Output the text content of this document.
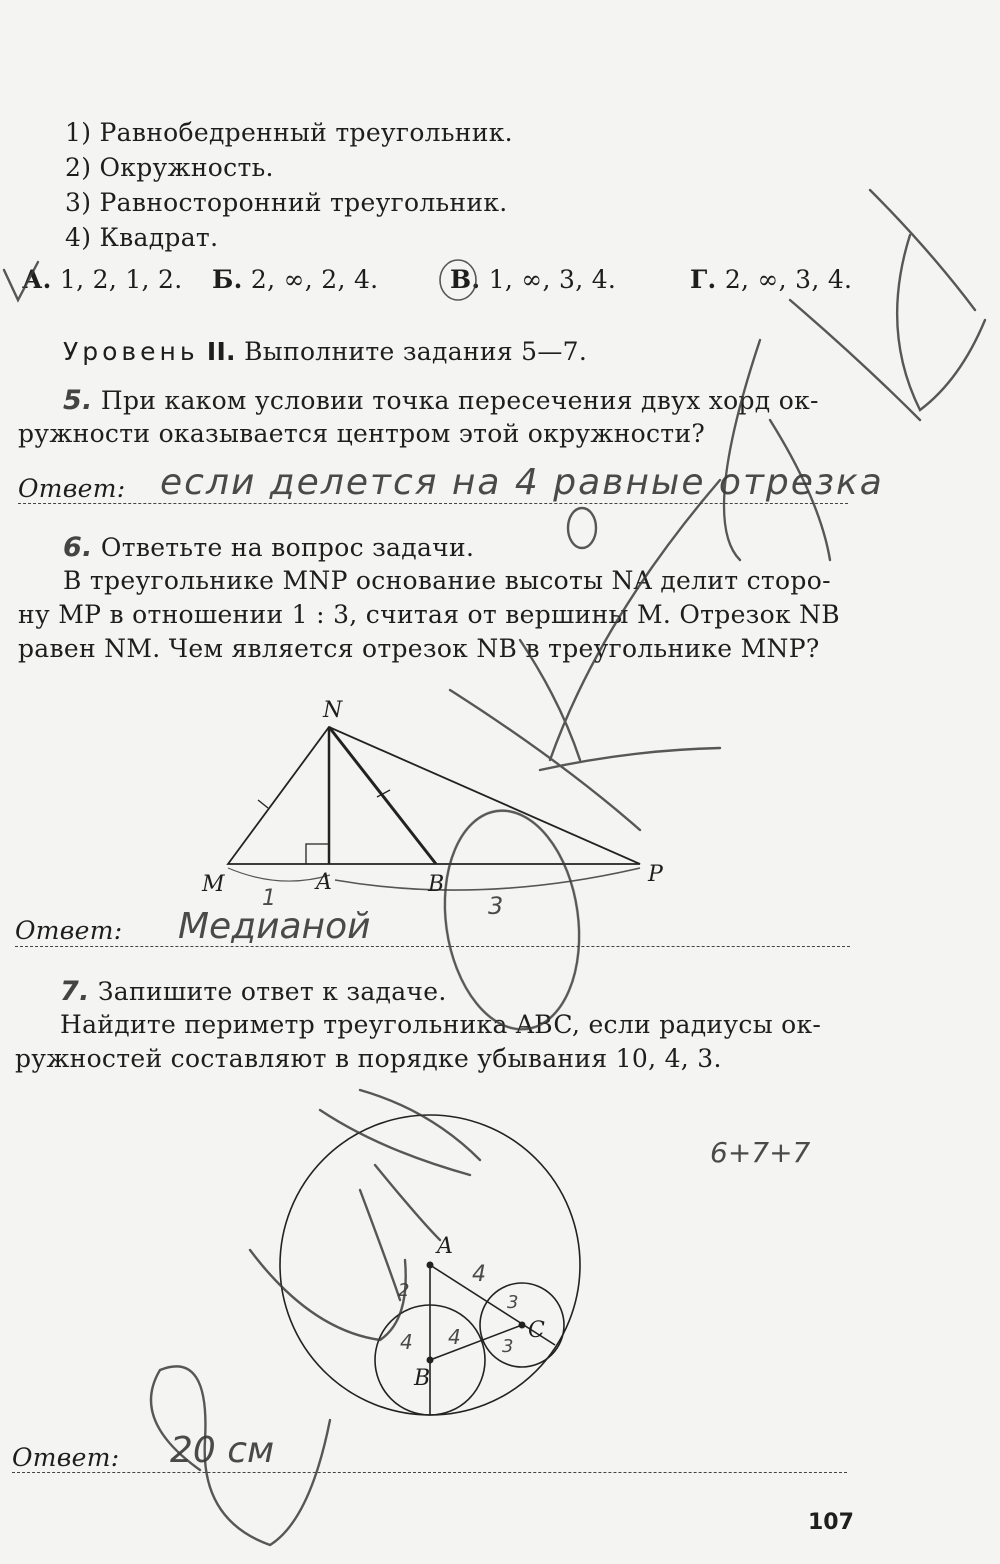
1) Равнобедренный треугольник.
2) Окружность.
3) Равносторонний треугольник.
4) Квадрат.
А. 1, 2, 1, 2. Б. 2, ∞, 2, 4.	В. 1, ∞, 3, 4.	Г. 2, ∞, 3, 4.
Уровень II. Выполните задания 5—7.
5. При каком условии точка пересечения двух хорд ок-
ружности оказывается центром этой окружности?
Ответ: если делется на 4 равные отрезка
6. Ответьте на вопрос задачи.
В треугольнике MNP основание высоты NA делит сторо-
ну MP в отношении 1 : 3, считая от вершины M. Отрезок NB
равен NM. Чем является отрезок NB в треугольнике MNP?
N
M	A	B	P
1	3
Ответ: Медианой
7. Запишите ответ к задаче.
Найдите периметр треугольника ABC, если радиусы ок-
ружностей составляют в порядке убывания 10, 4, 3.
6+7+7
A
B
C
4
4 4
3
3
2
Ответ: 20 см
107
